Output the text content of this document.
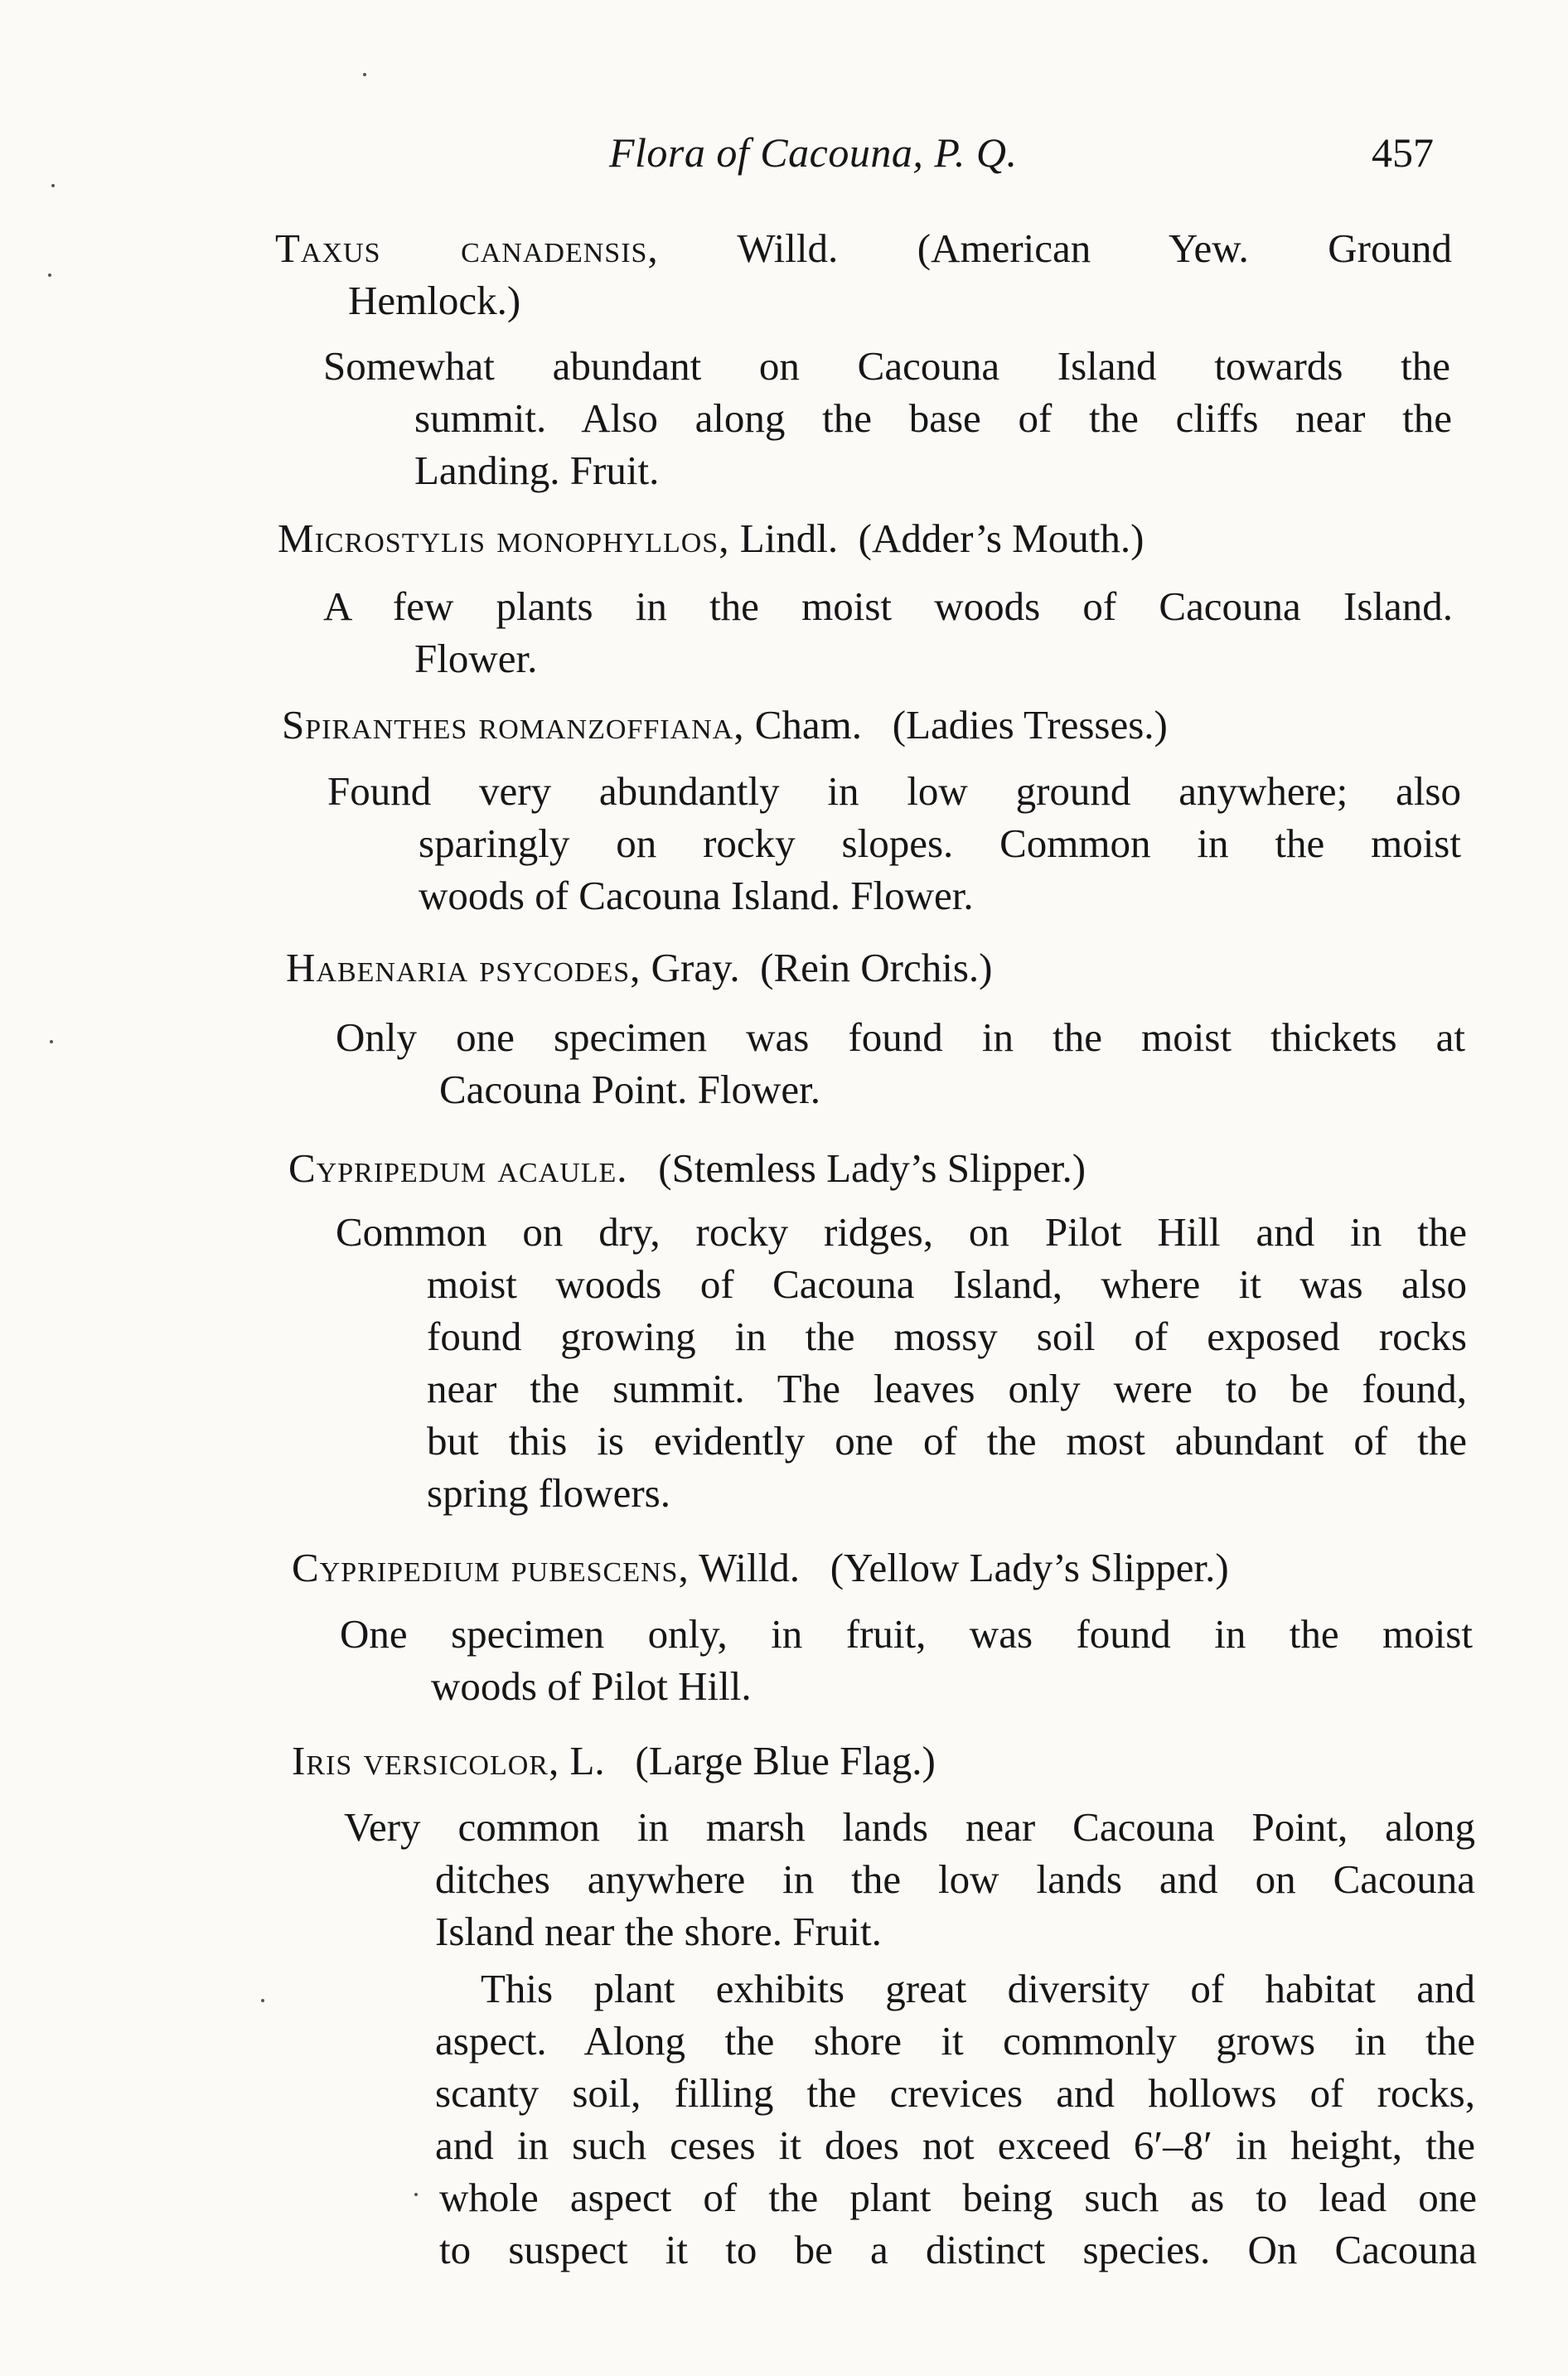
Flora of Cacouna, P. Q.	457
Taxus canadensis, Willd. (American Yew. Ground
Hemlock.)
Somewhat abundant on Cacouna Island towards the
summit. Also along the base of the cliffs near the
Landing. Fruit.
Microstylis monophyllos, Lindl. (Adder’s Mouth.)
A few plants in the moist woods of Cacouna Island.
Flower.
Spiranthes romanzoffiana, Cham. (Ladies Tresses.)
Found very abundantly in low ground anywhere; also
sparingly on rocky slopes. Common in the moist
woods of Cacouna Island. Flower.
Habenaria psycodes, Gray. (Rein Orchis.)
Only one specimen was found in the moist thickets at
Cacouna Point. Flower.
Cypripedum acaule. (Stemless Lady’s Slipper.)
Common on dry, rocky ridges, on Pilot Hill and in the
moist woods of Cacouna Island, where it was also
found growing in the mossy soil of exposed rocks
near the summit. The leaves only were to be found,
but this is evidently one of the most abundant of the
spring flowers.
Cypripedium pubescens, Willd. (Yellow Lady’s Slipper.)
One specimen only, in fruit, was found in the moist
woods of Pilot Hill.
Iris versicolor, L. (Large Blue Flag.)
Very common in marsh lands near Cacouna Point, along
ditches anywhere in the low lands and on Cacouna
Island near the shore. Fruit.
This plant exhibits great diversity of habitat and
aspect. Along the shore it commonly grows in the
scanty soil, filling the crevices and hollows of rocks,
and in such ceses it does not exceed 6′–8′ in height, the
whole aspect of the plant being such as to lead one
to suspect it to be a distinct species. On Cacouna
